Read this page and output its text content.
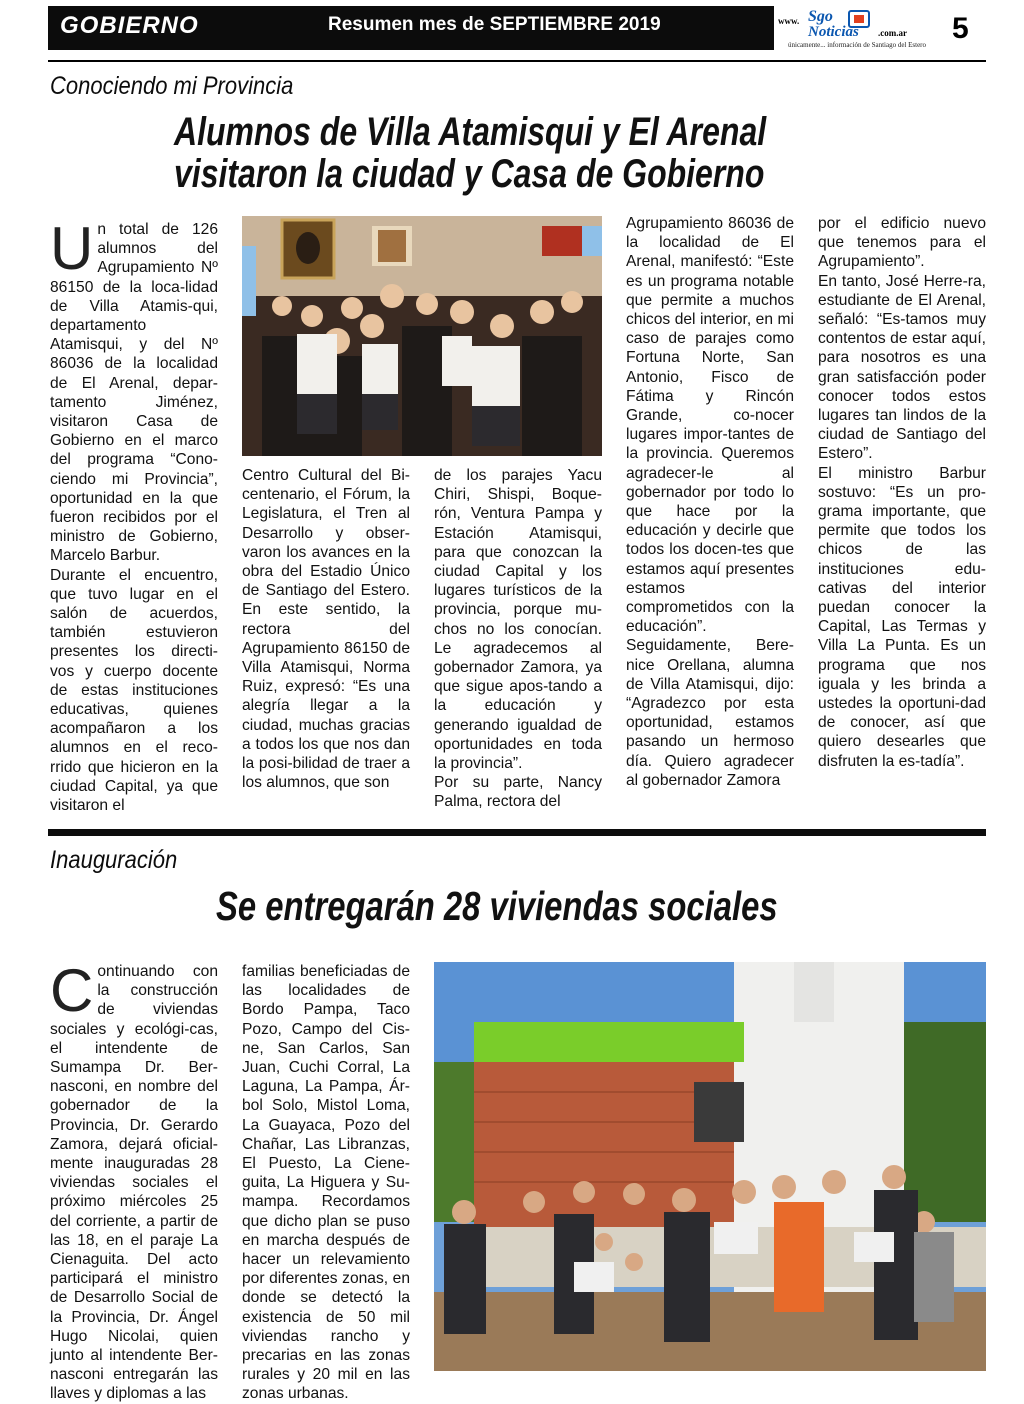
GOBIERNO	Resumen mes de SEPTIEMBRE 2019	www. Sgo
Noticias .com.ar
únicamente... información de Santiago del Estero 5
Conociendo mi Provincia
Alumnos de Villa Atamisqui y El Arenal
visitaron la ciudad y Casa de Gobierno
U n total de 126 alumnos del Agrupamiento Nº 86150 de la loca-lidad de Villa Atamis-qui, departamento Atamisqui, y del Nº 86036 de la localidad de El Arenal, depar-tamento Jiménez, visitaron Casa de Gobierno en el marco del programa “Cono-ciendo mi Provincia”, oportunidad en la que fueron recibidos por el ministro de Gobierno, Marcelo Barbur.

Durante el encuentro, que tuvo lugar en el salón de acuerdos, también estuvieron presentes los directi-vos y cuerpo docente de estas instituciones educativas, quienes acompañaron a los alumnos en el reco-rrido que hicieron en la ciudad Capital, ya que visitaron el

Centro Cultural del Bi-centenario, el Fórum, la Legislatura, el Tren al Desarrollo y obser-varon los avances en la obra del Estadio Único de Santiago del Estero. En este sentido, la rectora del Agrupamiento 86150 de Villa Atamisqui, Norma Ruiz, expresó: “Es una alegría llegar a la ciudad, muchas gracias a todos los que nos dan la posi-bilidad de traer a los alumnos, que son

de los parajes Yacu Chiri, Shispi, Boque-rón, Ventura Pampa y Estación Atamisqui, para que conozcan la ciudad Capital y los lugares turísticos de la provincia, porque mu-chos no los conocían. Le agradecemos al gobernador Zamora, ya que sigue apos-tando a la educación y generando igualdad de oportunidades en toda la provincia”.

Por su parte, Nancy Palma, rectora del

Agrupamiento 86036 de la localidad de El Arenal, manifestó: “Este es un programa notable que permite a muchos chicos del interior, en mi caso de parajes como Fortuna Norte, San Antonio, Fisco de Fátima y Rincón Grande, co-nocer lugares impor-tantes de la provincia. Queremos agradecer-le al gobernador por todo lo que hace por la educación y decirle que todos los docen-tes que estamos aquí presentes estamos comprometidos con la educación”.

Seguidamente, Bere-nice Orellana, alumna de Villa Atamisqui, dijo: “Agradezco por esta oportunidad, estamos pasando un hermoso día. Quiero agradecer al gobernador Zamora

por el edificio nuevo que tenemos para el Agrupamiento”.

En tanto, José Herre-ra, estudiante de El Arenal, señaló: “Es-tamos muy contentos de estar aquí, para nosotros es una gran satisfacción poder conocer todos estos lugares tan lindos de la ciudad de Santiago del Estero”.

El ministro Barbur sostuvo: “Es un pro-grama importante, que permite que todos los chicos de las instituciones edu-cativas del interior puedan conocer la Capital, Las Termas y Villa La Punta. Es un programa que nos iguala y les brinda a ustedes la oportuni-dad de conocer, así que quiero desearles que disfruten la es-tadía”.

Inauguración
Se entregarán 28 viviendas sociales
C ontinuando con la construcción de viviendas sociales y ecológi-cas, el intendente de Sumampa Dr. Ber-nasconi, en nombre del gobernador de la Provincia, Dr. Gerardo Zamora, dejará oficial-mente inauguradas 28 viviendas sociales el próximo miércoles 25 del corriente, a partir de las 18, en el paraje La Cienaguita. Del acto participará el ministro de Desarrollo Social de la Provincia, Dr. Ángel Hugo Nicolai, quien junto al intendente Ber-nasconi entregarán las llaves y diplomas a las

familias beneficiadas de las localidades de Bordo Pampa, Taco Pozo, Campo del Cis-ne, San Carlos, San Juan, Cuchi Corral, La Laguna, La Pampa, Ár-bol Solo, Mistol Loma, La Guayaca, Pozo del Chañar, Las Libranzas, El Puesto, La Ciene-guita, La Higuera y Su-mampa. Recordamos que dicho plan se puso en marcha después de hacer un relevamiento por diferentes zonas, en donde se detectó la existencia de 50 mil viviendas rancho y precarias en las zonas rurales y 20 mil en las zonas urbanas.
